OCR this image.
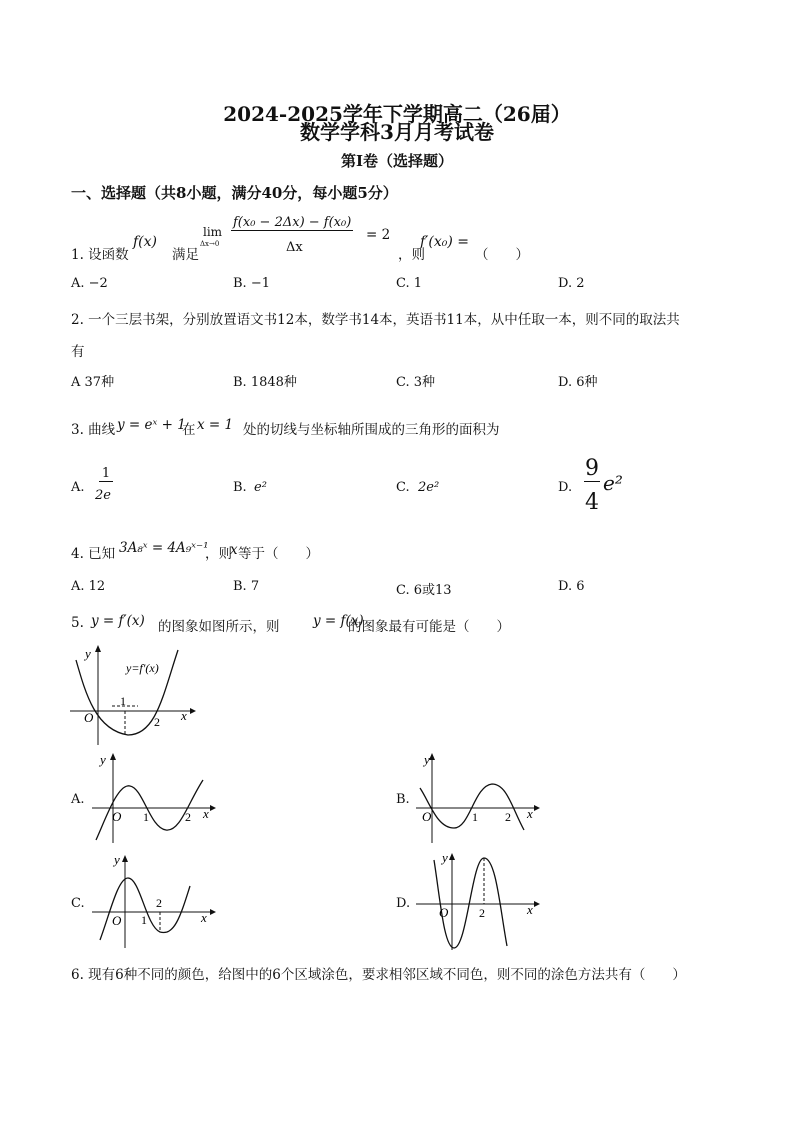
2024-2025学年下学期高二（26届）
数学学科3月月考试卷
第Ⅰ卷（选择题）
一、选择题（共8小题，满分40分，每小题5分）
1. 设函数
f(x)
满足
lim
Δx→0
f(x₀ − 2Δx) − f(x₀)
Δx
= 2
，则
f′(x₀) =
（　　）
A. −2	B. −1	C. 1	D. 2
2. 一个三层书架，分别放置语文书12本，数学书14本，英语书11本，从中任取一本，则不同的取法共
有
A 37种	B. 1848种	C. 3种	D. 6种
3. 曲线 y = eˣ + 1
在 x = 1 处的切线与坐标轴所围成的三角形的面积为
A.
1
2e
B. e²	C. 2e²	D.
9
4
e²
4. 已知 3A₈ˣ = 4A₉ˣ⁻¹
，则
x 等于（　　）
A. 12	B. 7	C. 6或13	D. 6
5. y = f′(x) 的图象如图所示，则 y = f(x)
的图象最有可能是（　　）
y
x
O
1
2
y=f′(x)
A.
y
x
O 1	2
B.
y
x
O	1 2
C.
y
x
O 1
2	D.
y
x
O	2
6. 现有6种不同的颜色，给图中的6个区域涂色，要求相邻区域不同色，则不同的涂色方法共有（　　）
